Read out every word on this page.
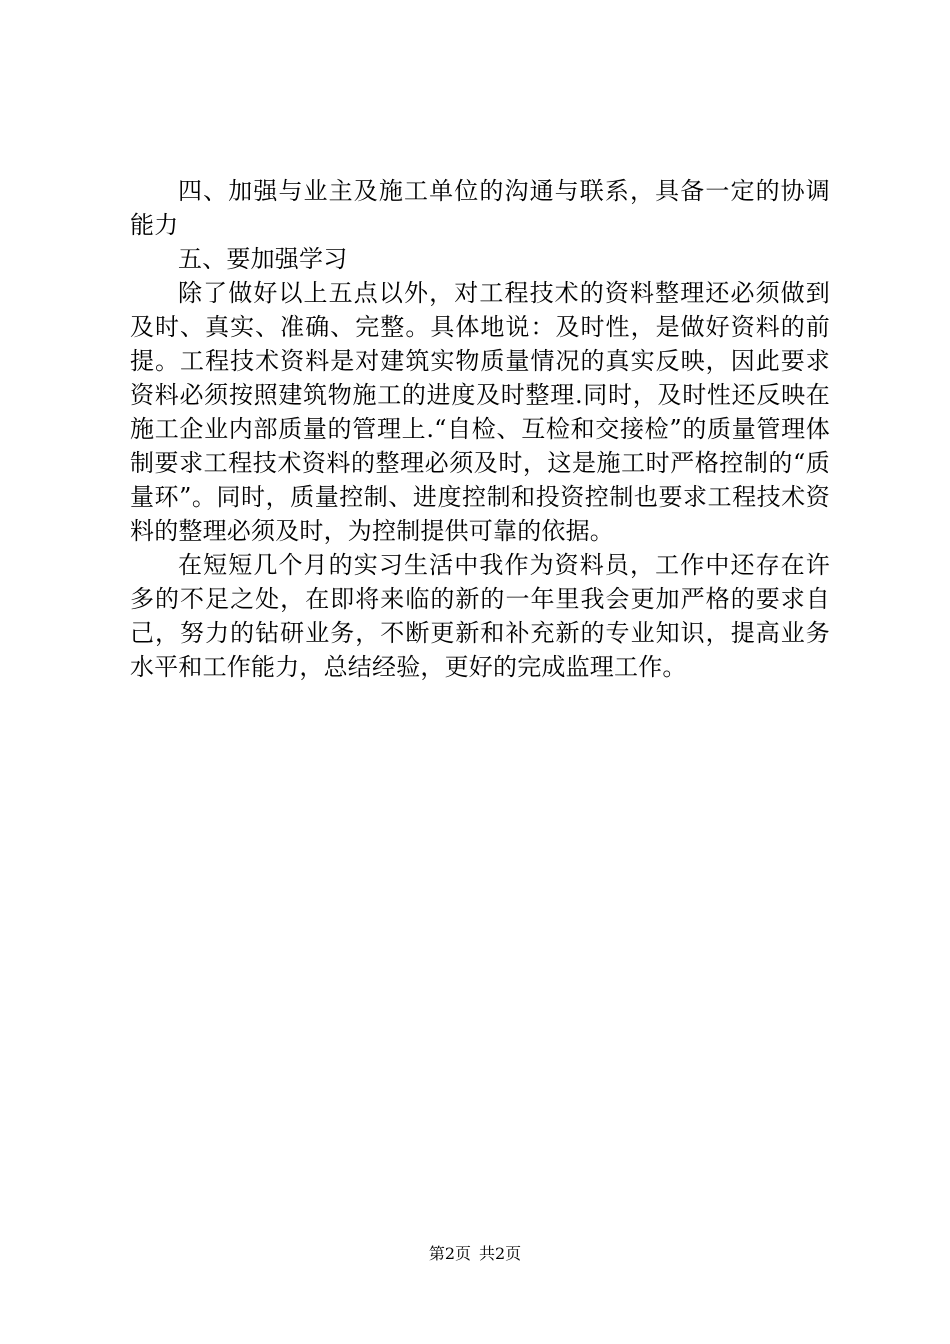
四、加强与业主及施工单位的沟通与联系，具备一定的协调能力

五、要加强学习

除了做好以上五点以外，对工程技术的资料整理还必须做到及时、真实、准确、完整。具体地说：及时性，是做好资料的前提。工程技术资料是对建筑实物质量情况的真实反映，因此要求资料必须按照建筑物施工的进度及时整理.同时，及时性还反映在施工企业内部质量的管理上.“自检、互检和交接检”的质量管理体制要求工程技术资料的整理必须及时，这是施工时严格控制的“质量环”。同时，质量控制、进度控制和投资控制也要求工程技术资料的整理必须及时，为控制提供可靠的依据。

在短短几个月的实习生活中我作为资料员，工作中还存在许多的不足之处，在即将来临的新的一年里我会更加严格的要求自己，努力的钻研业务，不断更新和补充新的专业知识，提高业务水平和工作能力，总结经验，更好的完成监理工作。

第2页 共2页
